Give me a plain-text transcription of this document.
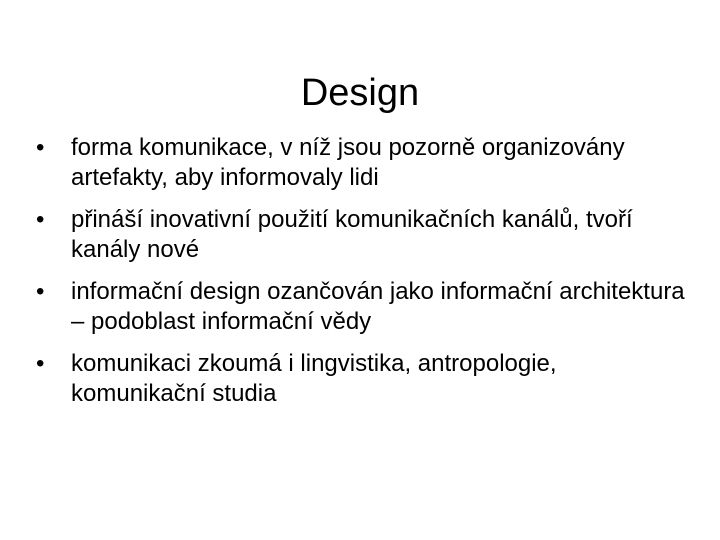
Design
•	forma komunikace, v níž jsou pozorně organizovány artefakty, aby informovaly lidi
•	přináší inovativní použití komunikačních kanálů, tvoří kanály nové
•	informační design ozančován jako informační architektura – podoblast informační vědy
•	komunikaci zkoumá i lingvistika, antropologie, komunikační studia
